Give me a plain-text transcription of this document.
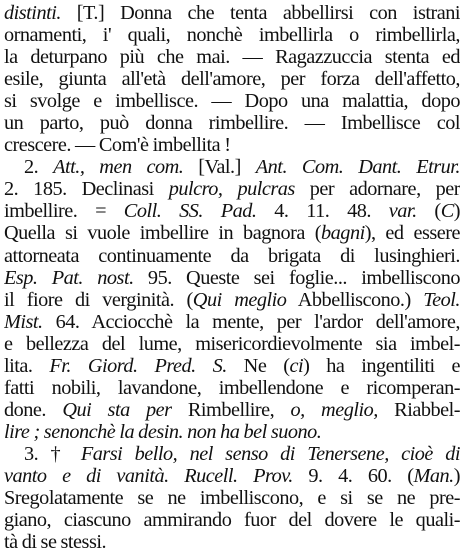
distinti. [T.] Donna che tenta abbellirsi con istrani
ornamenti, i' quali, nonchè imbellirla o rimbellirla,
la deturpano più che mai. — Ragazzuccia stenta ed
esile, giunta all'età dell'amore, per forza dell'affetto,
si svolge e imbellisce. — Dopo una malattia, dopo
un parto, può donna rimbellire. — Imbellisce col
crescere. — Com'è imbellita !
2. Att., men com. [Val.] Ant. Com. Dant. Etrur.
2. 185. Declinasi pulcro, pulcras per adornare, per
imbellire. = Coll. SS. Pad. 4. 11. 48. var. (C)
Quella si vuole imbellire in bagnora (bagni), ed essere
attorneata continuamente da brigata di lusinghieri.
Esp. Pat. nost. 95. Queste sei foglie... imbelliscono
il fiore di verginità. (Qui meglio Abbelliscono.) Teol.
Mist. 64. Acciocchè la mente, per l'ardor dell'amore,
e bellezza del lume, misericordievolmente sia imbel-
lita. Fr. Giord. Pred. S. Ne (ci) ha ingentiliti e
fatti nobili, lavandone, imbellendone e ricomperan-
done. Qui sta per Rimbellire, o, meglio, Riabbel-
lire ; senonchè la desin. non ha bel suono.
3. † Farsi bello, nel senso di Tenersene, cioè di
vanto e di vanità. Rucell. Prov. 9. 4. 60. (Man.)
Sregolatamente se ne imbelliscono, e si se ne pre-
giano, ciascuno ammirando fuor del dovere le quali-
tà di se stessi.
